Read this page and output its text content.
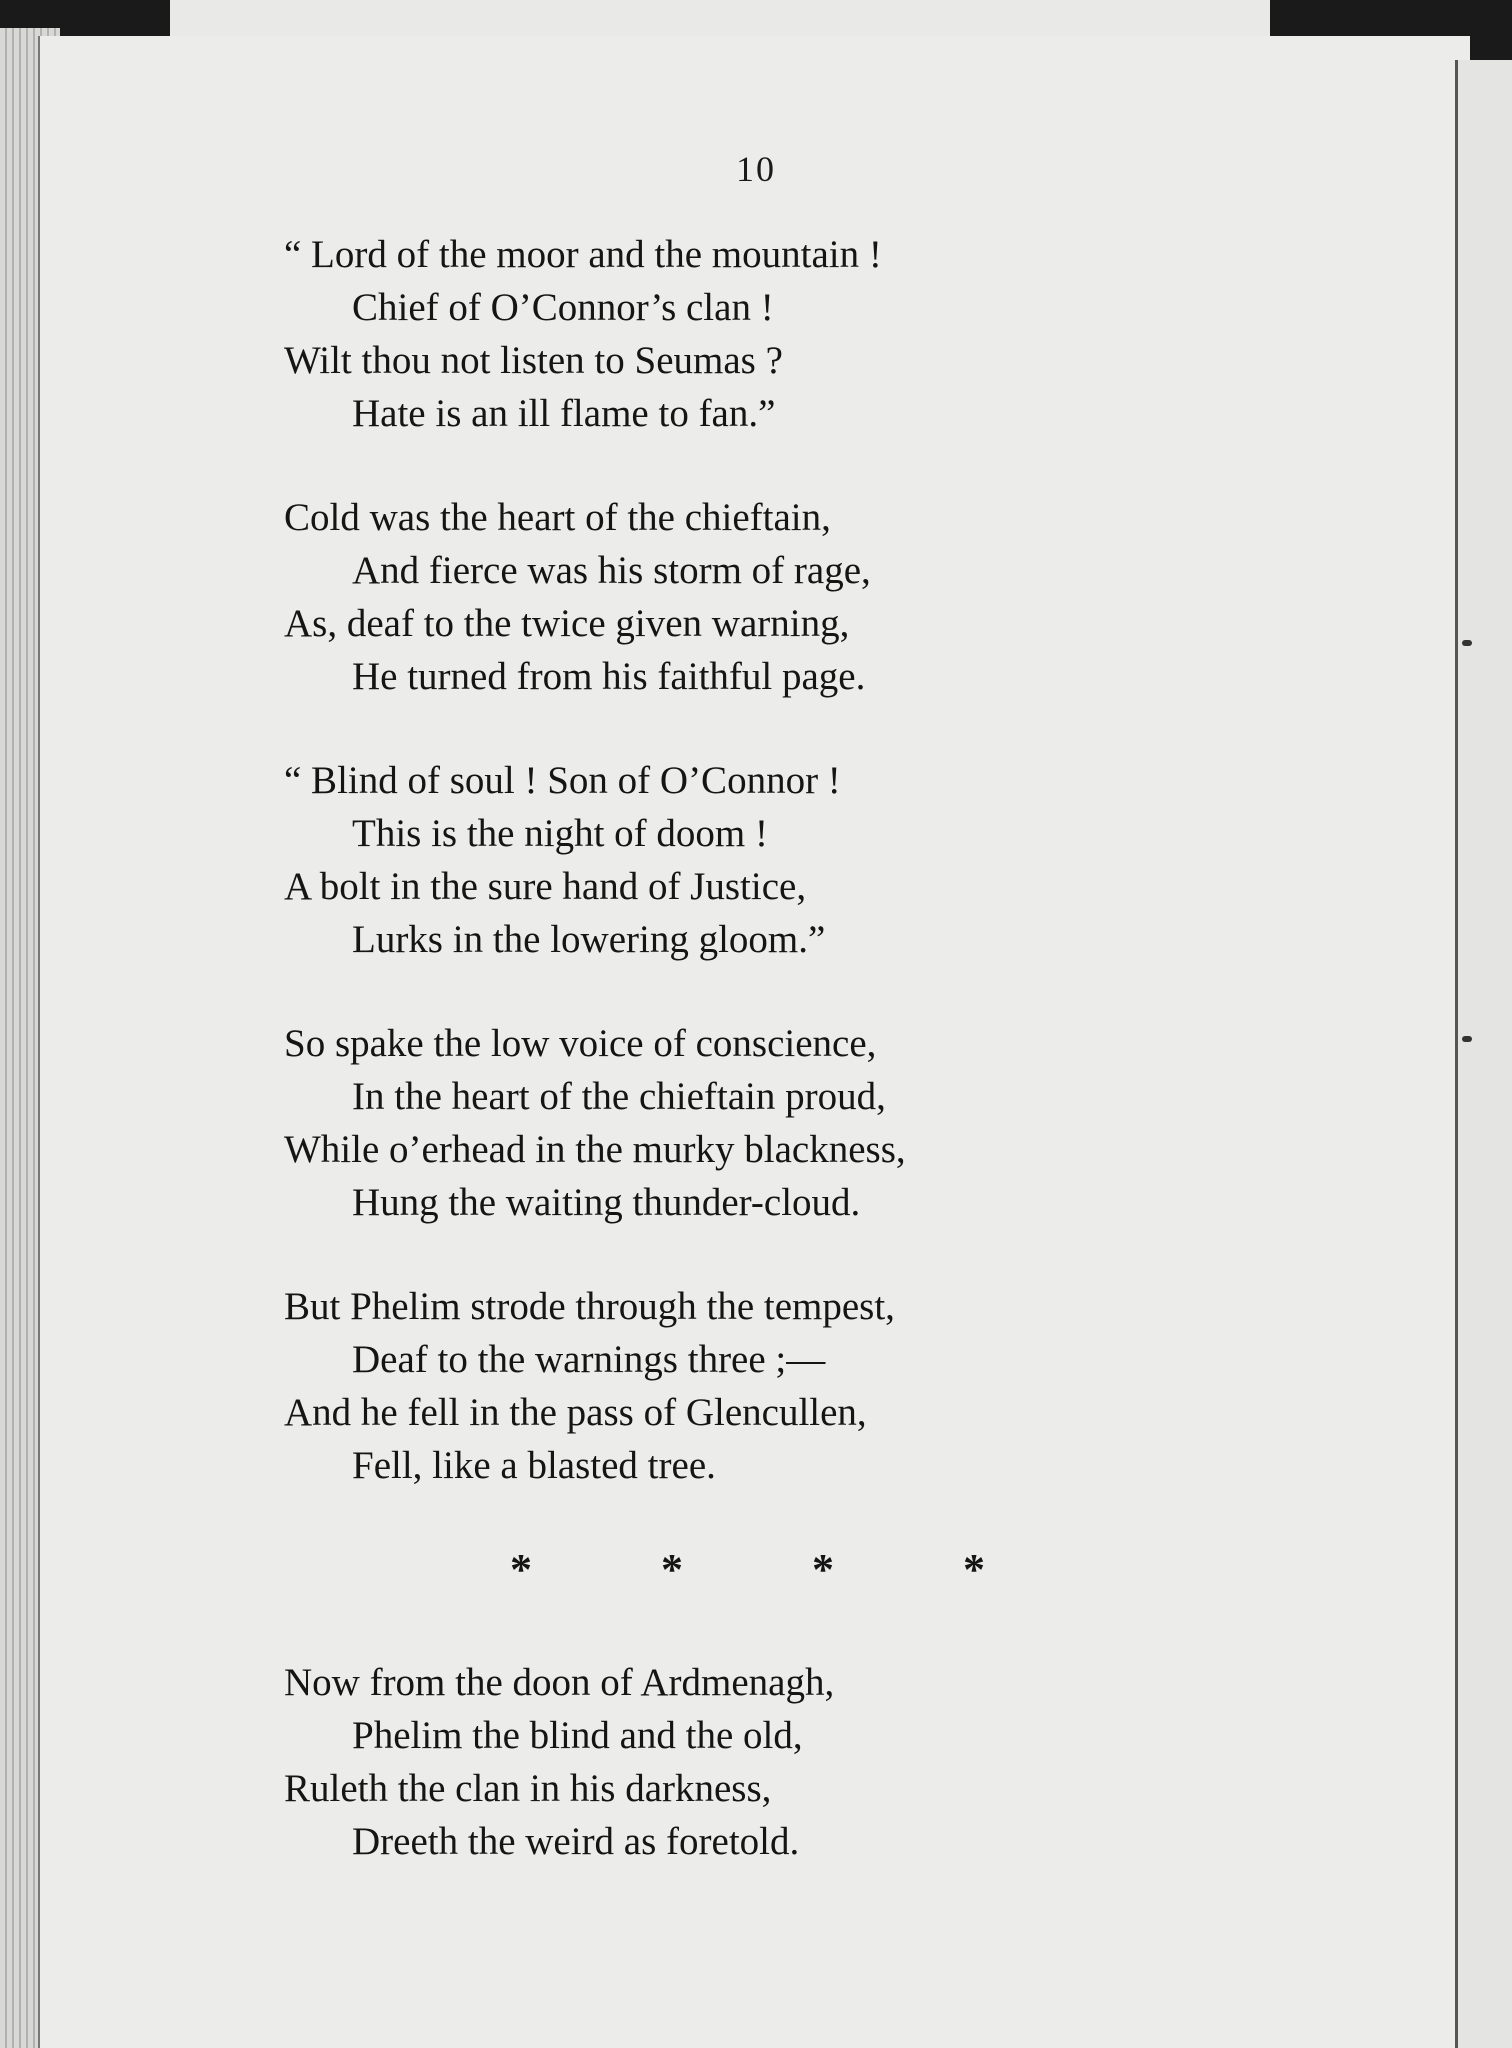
10
“ Lord of the moor and the mountain !
Chief of O’Connor’s clan !
Wilt thou not listen to Seumas ?
Hate is an ill flame to fan.”
Cold was the heart of the chieftain,
And fierce was his storm of rage,
As, deaf to the twice given warning,
He turned from his faithful page.
“ Blind of soul ! Son of O’Connor !
This is the night of doom !
A bolt in the sure hand of Justice,
Lurks in the lowering gloom.”
So spake the low voice of conscience,
In the heart of the chieftain proud,
While o’erhead in the murky blackness,
Hung the waiting thunder-cloud.
But Phelim strode through the tempest,
Deaf to the warnings three ;—
And he fell in the pass of Glencullen,
Fell, like a blasted tree.
*	*	*	*
Now from the doon of Ardmenagh,
Phelim the blind and the old,
Ruleth the clan in his darkness,
Dreeth the weird as foretold.
